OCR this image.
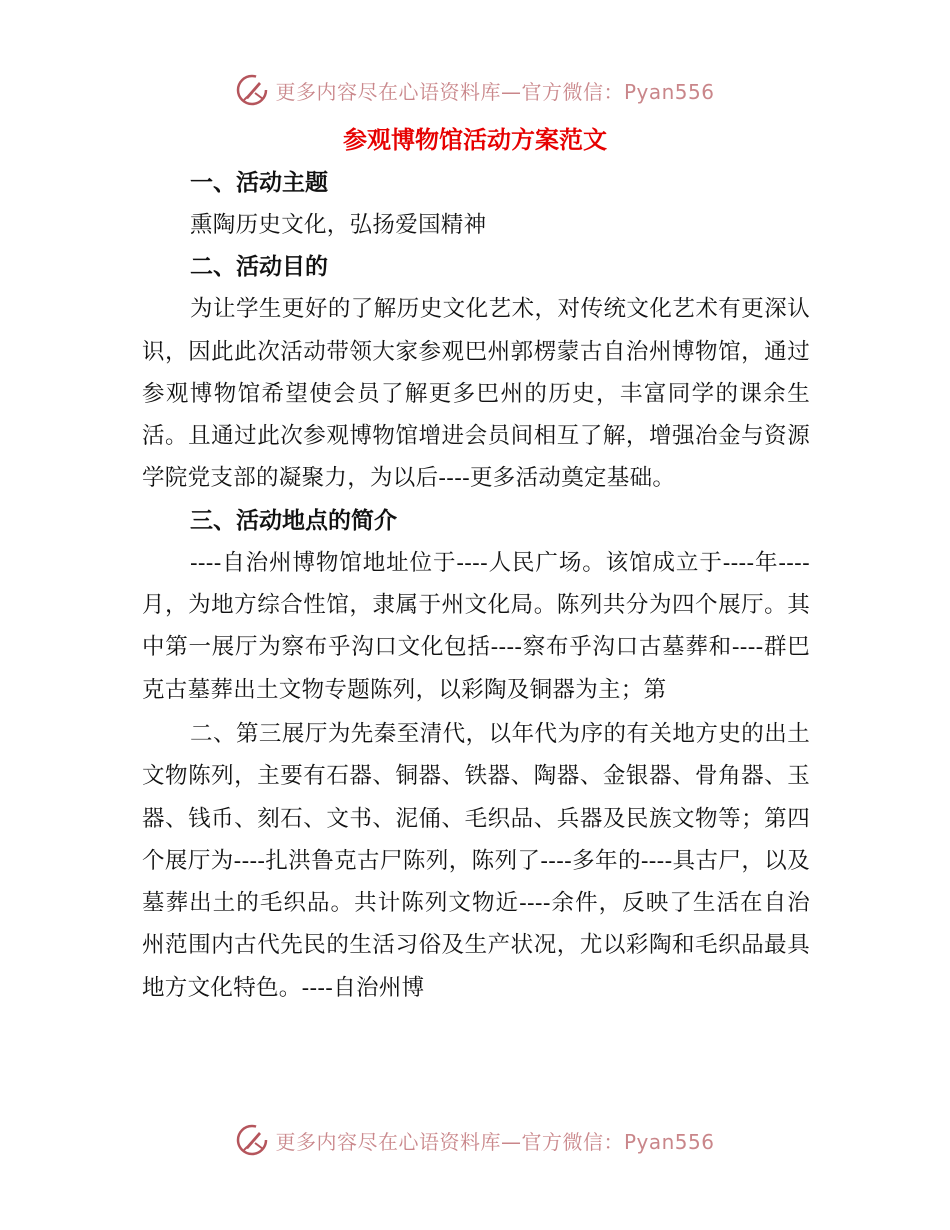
更多内容尽在心语资料库—官方微信：Pyan556
参观博物馆活动方案范文
一、活动主题

熏陶历史文化，弘扬爱国精神

二、活动目的

为让学生更好的了解历史文化艺术，对传统文化艺术有更深认识，因此此次活动带领大家参观巴州郭楞蒙古自治州博物馆，通过参观博物馆希望使会员了解更多巴州的历史，丰富同学的课余生活。且通过此次参观博物馆增进会员间相互了解，增强冶金与资源学院党支部的凝聚力，为以后----更多活动奠定基础。

三、活动地点的简介

----自治州博物馆地址位于----人民广场。该馆成立于----年----月，为地方综合性馆，隶属于州文化局。陈列共分为四个展厅。其中第一展厅为察布乎沟口文化包括----察布乎沟口古墓葬和----群巴克古墓葬出土文物专题陈列，以彩陶及铜器为主；第

二、第三展厅为先秦至清代，以年代为序的有关地方史的出土文物陈列，主要有石器、铜器、铁器、陶器、金银器、骨角器、玉器、钱币、刻石、文书、泥俑、毛织品、兵器及民族文物等；第四个展厅为----扎洪鲁克古尸陈列，陈列了----多年的----具古尸，以及墓葬出土的毛织品。共计陈列文物近----余件，反映了生活在自治州范围内古代先民的生活习俗及生产状况，尤以彩陶和毛织品最具地方文化特色。----自治州博

更多内容尽在心语资料库—官方微信：Pyan556
